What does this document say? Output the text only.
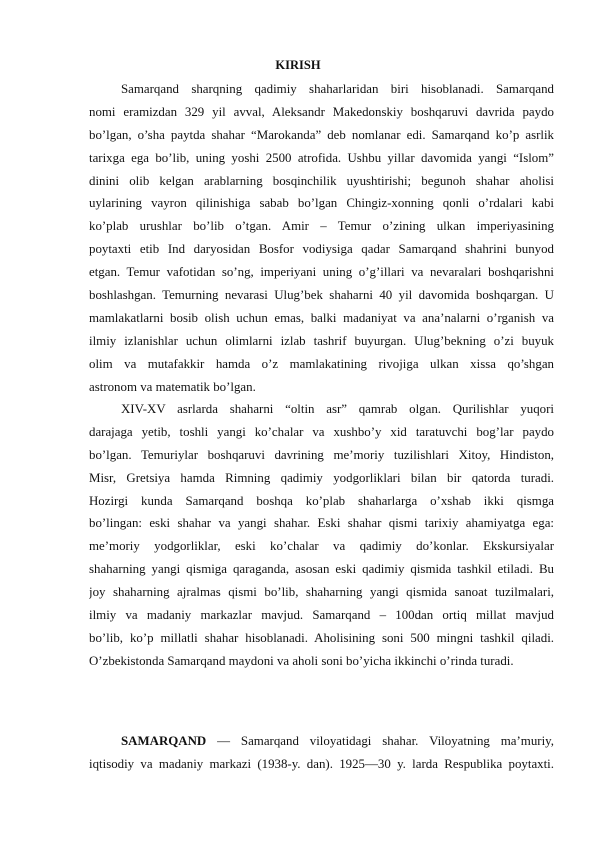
KIRISH
Samarqand sharqning qadimiy shaharlaridan biri hisoblanadi. Samarqand
nomi eramizdan 329 yil avval, Aleksandr Makedonskiy boshqaruvi davrida paydo
bo’lgan, o’sha paytda shahar “Marokanda” deb nomlanar edi. Samarqand ko’p asrlik
tarixga ega bo’lib, uning yoshi 2500 atrofida. Ushbu yillar davomida yangi “Islom”
dinini olib kelgan arablarning bosqinchilik uyushtirishi; begunoh shahar aholisi
uylarining vayron qilinishiga sabab bo’lgan Chingiz-xonning qonli o’rdalari kabi
ko’plab urushlar bo’lib o’tgan. Amir – Temur o’zining ulkan imperiyasining
poytaxti etib Ind daryosidan Bosfor vodiysiga qadar Samarqand shahrini bunyod
etgan. Temur vafotidan so’ng, imperiyani uning o’g’illari va nevaralari boshqarishni
boshlashgan. Temurning nevarasi Ulug’bek shaharni 40 yil davomida boshqargan. U
mamlakatlarni bosib olish uchun emas, balki madaniyat va ana’nalarni o’rganish va
ilmiy izlanishlar uchun olimlarni izlab tashrif buyurgan. Ulug’bekning o’zi buyuk
olim va mutafakkir hamda o’z mamlakatining rivojiga ulkan xissa qo’shgan
astronom va matematik bo’lgan.
XIV-XV asrlarda shaharni “oltin asr” qamrab olgan. Qurilishlar yuqori
darajaga yetib, toshli yangi ko’chalar va xushbo’y xid taratuvchi bog’lar paydo
bo’lgan. Temuriylar boshqaruvi davrining me’moriy tuzilishlari Xitoy, Hindiston,
Misr, Gretsiya hamda Rimning qadimiy yodgorliklari bilan bir qatorda turadi.
Hozirgi kunda Samarqand boshqa ko’plab shaharlarga o’xshab ikki qismga
bo’lingan: eski shahar va yangi shahar. Eski shahar qismi tarixiy ahamiyatga ega:
me’moriy yodgorliklar, eski ko’chalar va qadimiy do’konlar. Ekskursiyalar
shaharning yangi qismiga qaraganda, asosan eski qadimiy qismida tashkil etiladi. Bu
joy shaharning ajralmas qismi bo’lib, shaharning yangi qismida sanoat tuzilmalari,
ilmiy va madaniy markazlar mavjud. Samarqand – 100dan ortiq millat mavjud
bo’lib, ko’p millatli shahar hisoblanadi. Aholisining soni 500 mingni tashkil qiladi.
O’zbekistonda Samarqand maydoni va aholi soni bo’yicha ikkinchi o’rinda turadi.
SAMARQAND — Samarqand viloyatidagi shahar. Viloyatning ma’muriy,
iqtisodiy va madaniy markazi (1938-y. dan). 1925—30 y. larda Respublika poytaxti.
